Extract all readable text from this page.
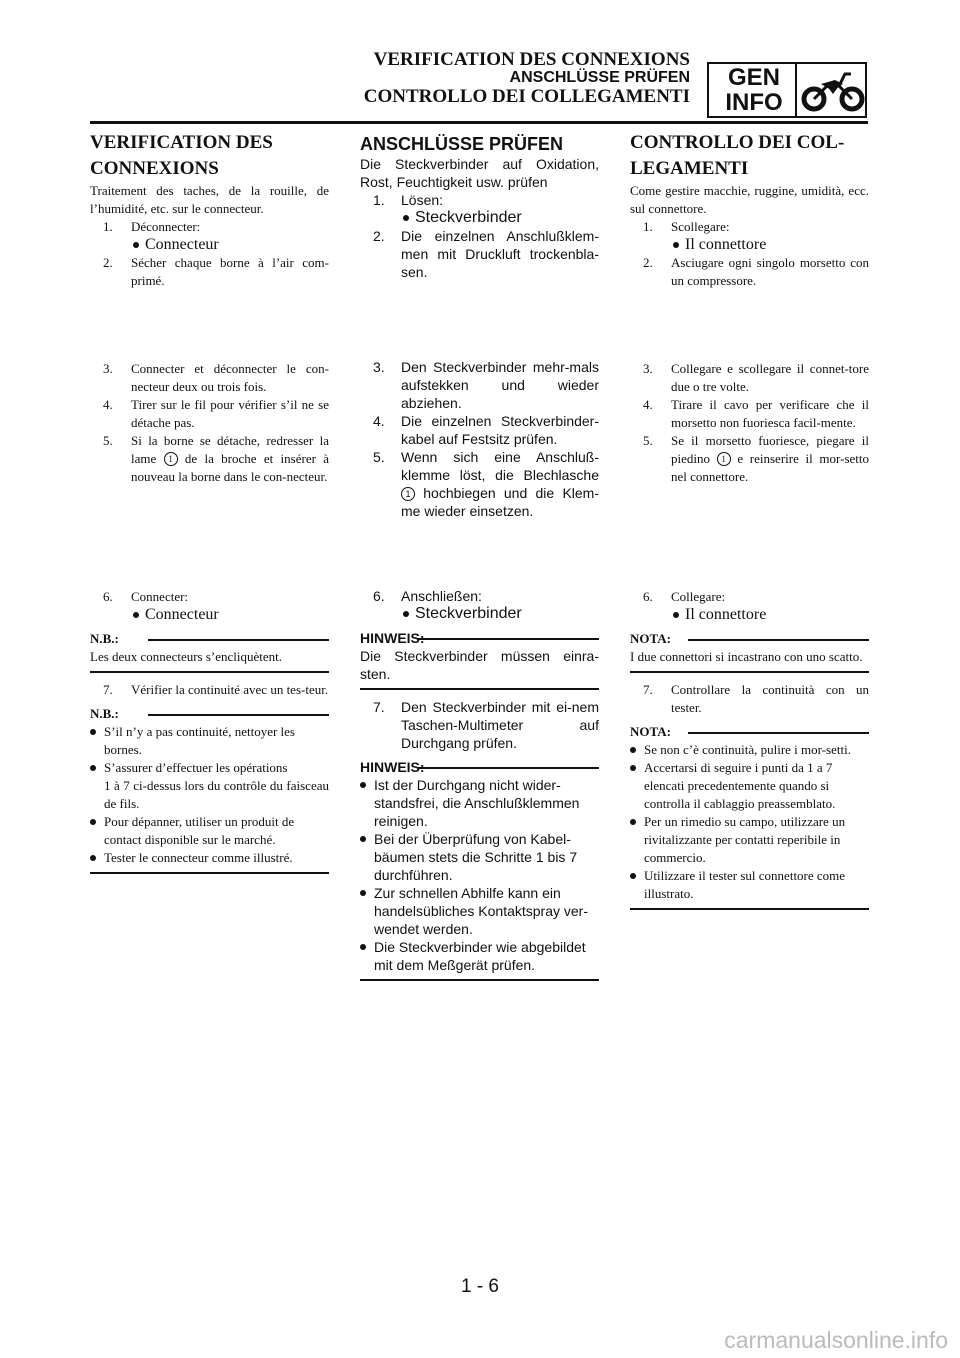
VERIFICATION DES CONNEXIONS
ANSCHLÜSSE PRÜFEN
CONTROLLO DEI COLLEGAMENTI
GEN
INFO
VERIFICATION DES
CONNEXIONS

Traitement des taches, de la rouille, de l’humidité, etc. sur le connecteur.

1. Déconnecter:
Connecteur
2. Sécher chaque borne à l’air com-primé.
3. Connecter et déconnecter le con-necteur deux ou trois fois.
4. Tirer sur le fil pour vérifier s’il ne se détache pas.
5. Si la borne se détache, redresser la lame 1 de la broche et insérer à nouveau la borne dans le con-necteur.
6. Connecter:
Connecteur
N.B.:

Les deux connecteurs s’encliquètent.

7. Vérifier la continuité avec un tes-teur.
N.B.:
S’il n’y a pas continuité, nettoyer les bornes.
S’assurer d’effectuer les opérations
1 à 7 ci-dessus lors du contrôle du faisceau de fils.
Pour dépanner, utiliser un produit de contact disponible sur le marché.
Tester le connecteur comme illustré.
ANSCHLÜSSE PRÜFEN

Die Steckverbinder auf Oxidation, Rost, Feuchtigkeit usw. prüfen

1. Lösen:
Steckverbinder
2. Die einzelnen Anschlußklem-men mit Druckluft trockenbla-sen.
3. Den Steckverbinder mehr-mals aufstekken und wieder abziehen.
4. Die einzelnen Steckverbinder-kabel auf Festsitz prüfen.
5. Wenn sich eine Anschluß-klemme löst, die Blechlasche 1 hochbiegen und die Klem-me wieder einsetzen.
6. Anschließen:
Steckverbinder
HINWEIS:

Die Steckverbinder müssen einra-sten.

7. Den Steckverbinder mit ei-nem Taschen-Multimeter auf Durchgang prüfen.
HINWEIS:
Ist der Durchgang nicht wider-standsfrei, die Anschlußklemmen reinigen.
Bei der Überprüfung von Kabel-bäumen stets die Schritte 1 bis 7 durchführen.
Zur schnellen Abhilfe kann ein handelsübliches Kontaktspray ver-wendet werden.
Die Steckverbinder wie abgebildet mit dem Meßgerät prüfen.
CONTROLLO DEI COL-
LEGAMENTI

Come gestire macchie, ruggine, umidità, ecc. sul connettore.

1. Scollegare:
Il connettore
2. Asciugare ogni singolo morsetto con un compressore.
3. Collegare e scollegare il connet-tore due o tre volte.
4. Tirare il cavo per verificare che il morsetto non fuoriesca facil-mente.
5. Se il morsetto fuoriesce, piegare il piedino 1 e reinserire il mor-setto nel connettore.
6. Collegare:
Il connettore
NOTA:

I due connettori si incastrano con uno scatto.

7. Controllare la continuità con un tester.
NOTA:
Se non c’è continuità, pulire i mor-setti.
Accertarsi di seguire i punti da 1 a 7 elencati precedentemente quando si controlla il cablaggio preassemblato.
Per un rimedio su campo, utilizzare un rivitalizzante per contatti reperibile in commercio.
Utilizzare il tester sul connettore come illustrato.
1 - 6
carmanualsonline.info
